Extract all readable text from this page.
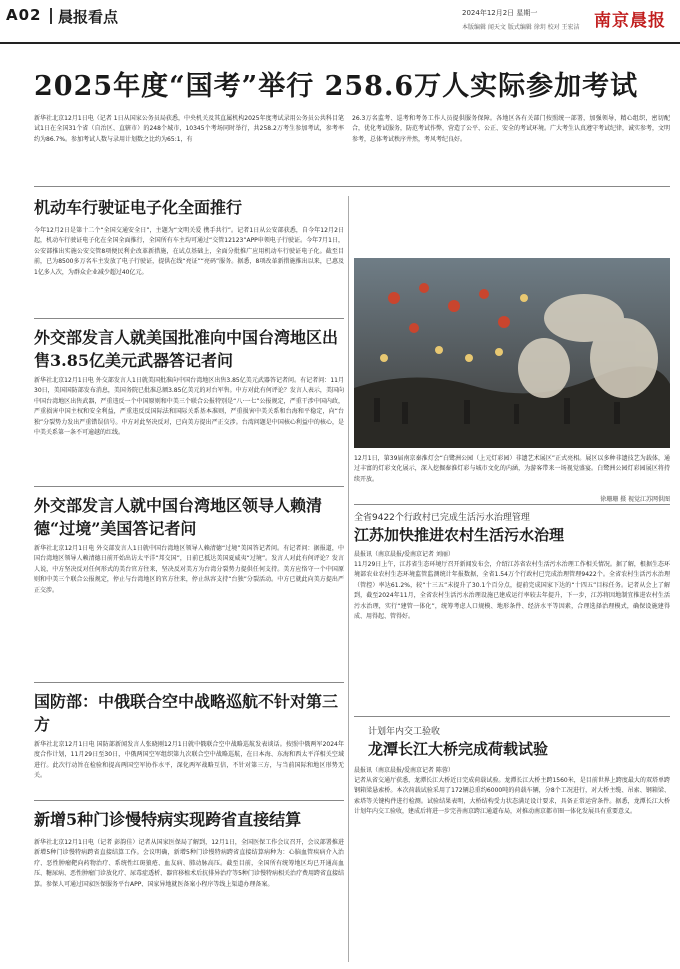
A02 晨报看点	2024年12月2日 星期一
本版编辑 闻天文 版式编辑 徐玥 校对 王宏洁 南京晨报
2025年度“国考”举行 258.6万人实际参加考试
新华社北京12月1日电（记者 1日从国家公务员局获悉，中央机关及其直属机构2025年度考试录用公务员公共科目笔试1日在全国31个省（自治区、直辖市）的248个城市，10345个考场同时举行，共258.2万考生参加考试，参考率约为86.7%。参加考试人数与录用计划数之比约为65:1，有
26.3万名监考、巡考和考务工作人员提供服务保障。各地区各有关部门按照统一部署，加强领导，精心组织，密切配合，优化考试服务，防范考试作弊，营造了公平、公正、安全的考试环境。广大考生认真遵守考试纪律，诚实参考，文明参考，总体考试秩序井然，考风考纪良好。
机动车行驶证电子化全面推行
今年12月2日是第十二个“全国交通安全日”，主题为“文明关爱 携手共行”。记者1日从公安部获悉，自今年12月2日起，机动车行驶证电子化在全国全面推行，全国所有车主均可通过“交管12123”APP申领电子行驶证。今年7月1日，公安部推出实施公安交管8项便民利企改革新措施，在试点基础上，全面分批推广应用机动车行驶证电子化。截至目前，已为8500多万名车主发放了电子行驶证，提供在线“亮证”“亮码”服务。据悉，8项改革新措施推出以来，已惠及1亿多人次，为群众企业减少超过40亿元。
外交部发言人就美国批准向中国台湾地区出售3.85亿美元武器答记者问
新华社北京12月1日电 外交部发言人1日就美国批准向中国台湾地区出售3.85亿美元武器答记者问。有记者问：11月30日，美国国防部发布消息，美国务院已批准总额3.85亿美元的对台军售。中方对此有何评论？发言人表示，美国向中国台湾地区出售武器，严重违反一个中国原则和中美三个联合公报特别是“八·一七”公报规定，严重干涉中国内政，严重损害中国主权和安全利益，严重违反反国际法和国际关系基本准则，严重损害中美关系和台海和平稳定，向“台独”分裂势力发出严重错误信号。中方对此坚决反对，已向美方提出严正交涉。台湾问题是中国核心利益中的核心，是中美关系第一条不可逾越的红线。
外交部发言人就中国台湾地区领导人赖清德“过境”美国答记者问
新华社北京12月1日电 外交部发言人1日就中国台湾地区领导人赖清德“过境”美国答记者问。有记者问：据报道，中国台湾地区领导人赖清德日前开始出访太平洋“邦交国”，日前已抵达美国夏威夷“过境”。发言人对此有何评论？发言人说，中方坚决反对任何形式的美台官方往来，坚决反对美方为台湾分裂势力提供任何支持。美方应恪守一个中国原则和中美三个联合公报规定，停止与台湾地区的官方往来，停止纵容支持“台独”分裂活动。中方已就此向美方提出严正交涉。
国防部：中俄联合空中战略巡航不针对第三方
新华社北京12月1日电 国防部新闻发言人张晓刚12月1日就中俄联合空中战略巡航发表谈话。按照中俄两军2024年度合作计划，11月29日至30日，中俄两国空军组织第九次联合空中战略巡航，在日本海、东海和西太平洋相关空域进行。此次行动旨在检验和提高两国空军协作水平，深化两军战略互信，不针对第三方，与当前国际和地区形势无关。
新增5种门诊慢特病实现跨省直接结算
新华社北京12月1日电（记者 彭韵佳）记者从国家医保局了解到，12月1日，全国医保工作会议召开，会议部署推进新增5种门诊慢特病跨省直接结算工作。会议明确，新增5种门诊慢特病跨省直接结算病种为：心脑血管疾病介入治疗、恶性肿瘤靶向药物治疗、系统性红斑狼疮、血友病、肺动脉高压。截至目前，全国所有统筹地区均已开通高血压、糖尿病、恶性肿瘤门诊放化疗、尿毒症透析、器官移植术后抗排异治疗等5种门诊慢特病相关治疗费用跨省直接结算。参保人可通过国家医保服务平台APP、国家异地就医备案小程序等线上渠道办理备案。
12月1日，第39届南京秦淮灯会“白鹭洲公园（上元灯彩园）非遗艺术展区”正式亮相。展区以多种非遗技艺为载体，通过丰富的灯彩文化展示，深入挖掘秦淮灯彩与城市文化的内涵，为游客带来一场视觉盛宴。白鹭洲公园灯彩园展区将持续开放。
徐珊珊 摄 视觉江苏网供图
全省9422个行政村已完成生活污水治理管理
江苏加快推进农村生活污水治理
晨报讯（南京晨报/爱南京记者 刘丽）
11月29日上午，江苏省生态环境厅召开新闻发布会，介绍江苏省农村生活污水治理工作相关情况。据了解，根据生态环境部农业农村生态环境监管监测统计年报数据，全省1.54万个行政村已完成治理管理9422个。全省农村生活污水治理（管控）率达61.2%，较“十三五”末提升了30.1个百分点，提前完成国家下达的“十四五”目标任务。记者从会上了解到，截至2024年11月，全省农村生活污水治理设施已建成运行率较去年提升，下一步，江苏将因地制宜推进农村生活污水治理，实行“建管一体化”，统筹考虑人口规模、地形条件、经济水平等因素，合理选择治理模式，确保设施建得成、用得起、管得好。
计划年内交工验收
龙潭长江大桥完成荷载试验
晨报讯（南京晨报/爱南京记者 陈蓉）
记者从省交通厅获悉，龙潭长江大桥近日完成荷载试验。龙潭长江大桥主跨1560米，是目前世界上跨度最大的双塔单跨钢箱梁悬索桥。本次荷载试验采用了172辆总重约6000吨的荷载车辆，分8个工况进行，对大桥主缆、吊索、钢箱梁、索塔等关键构件进行检测。试验结果表明，大桥结构受力状态满足设计要求，具备正常运营条件。据悉，龙潭长江大桥计划年内交工验收，建成后将进一步完善南京跨江通道布局，对推动南京都市圈一体化发展具有重要意义。
